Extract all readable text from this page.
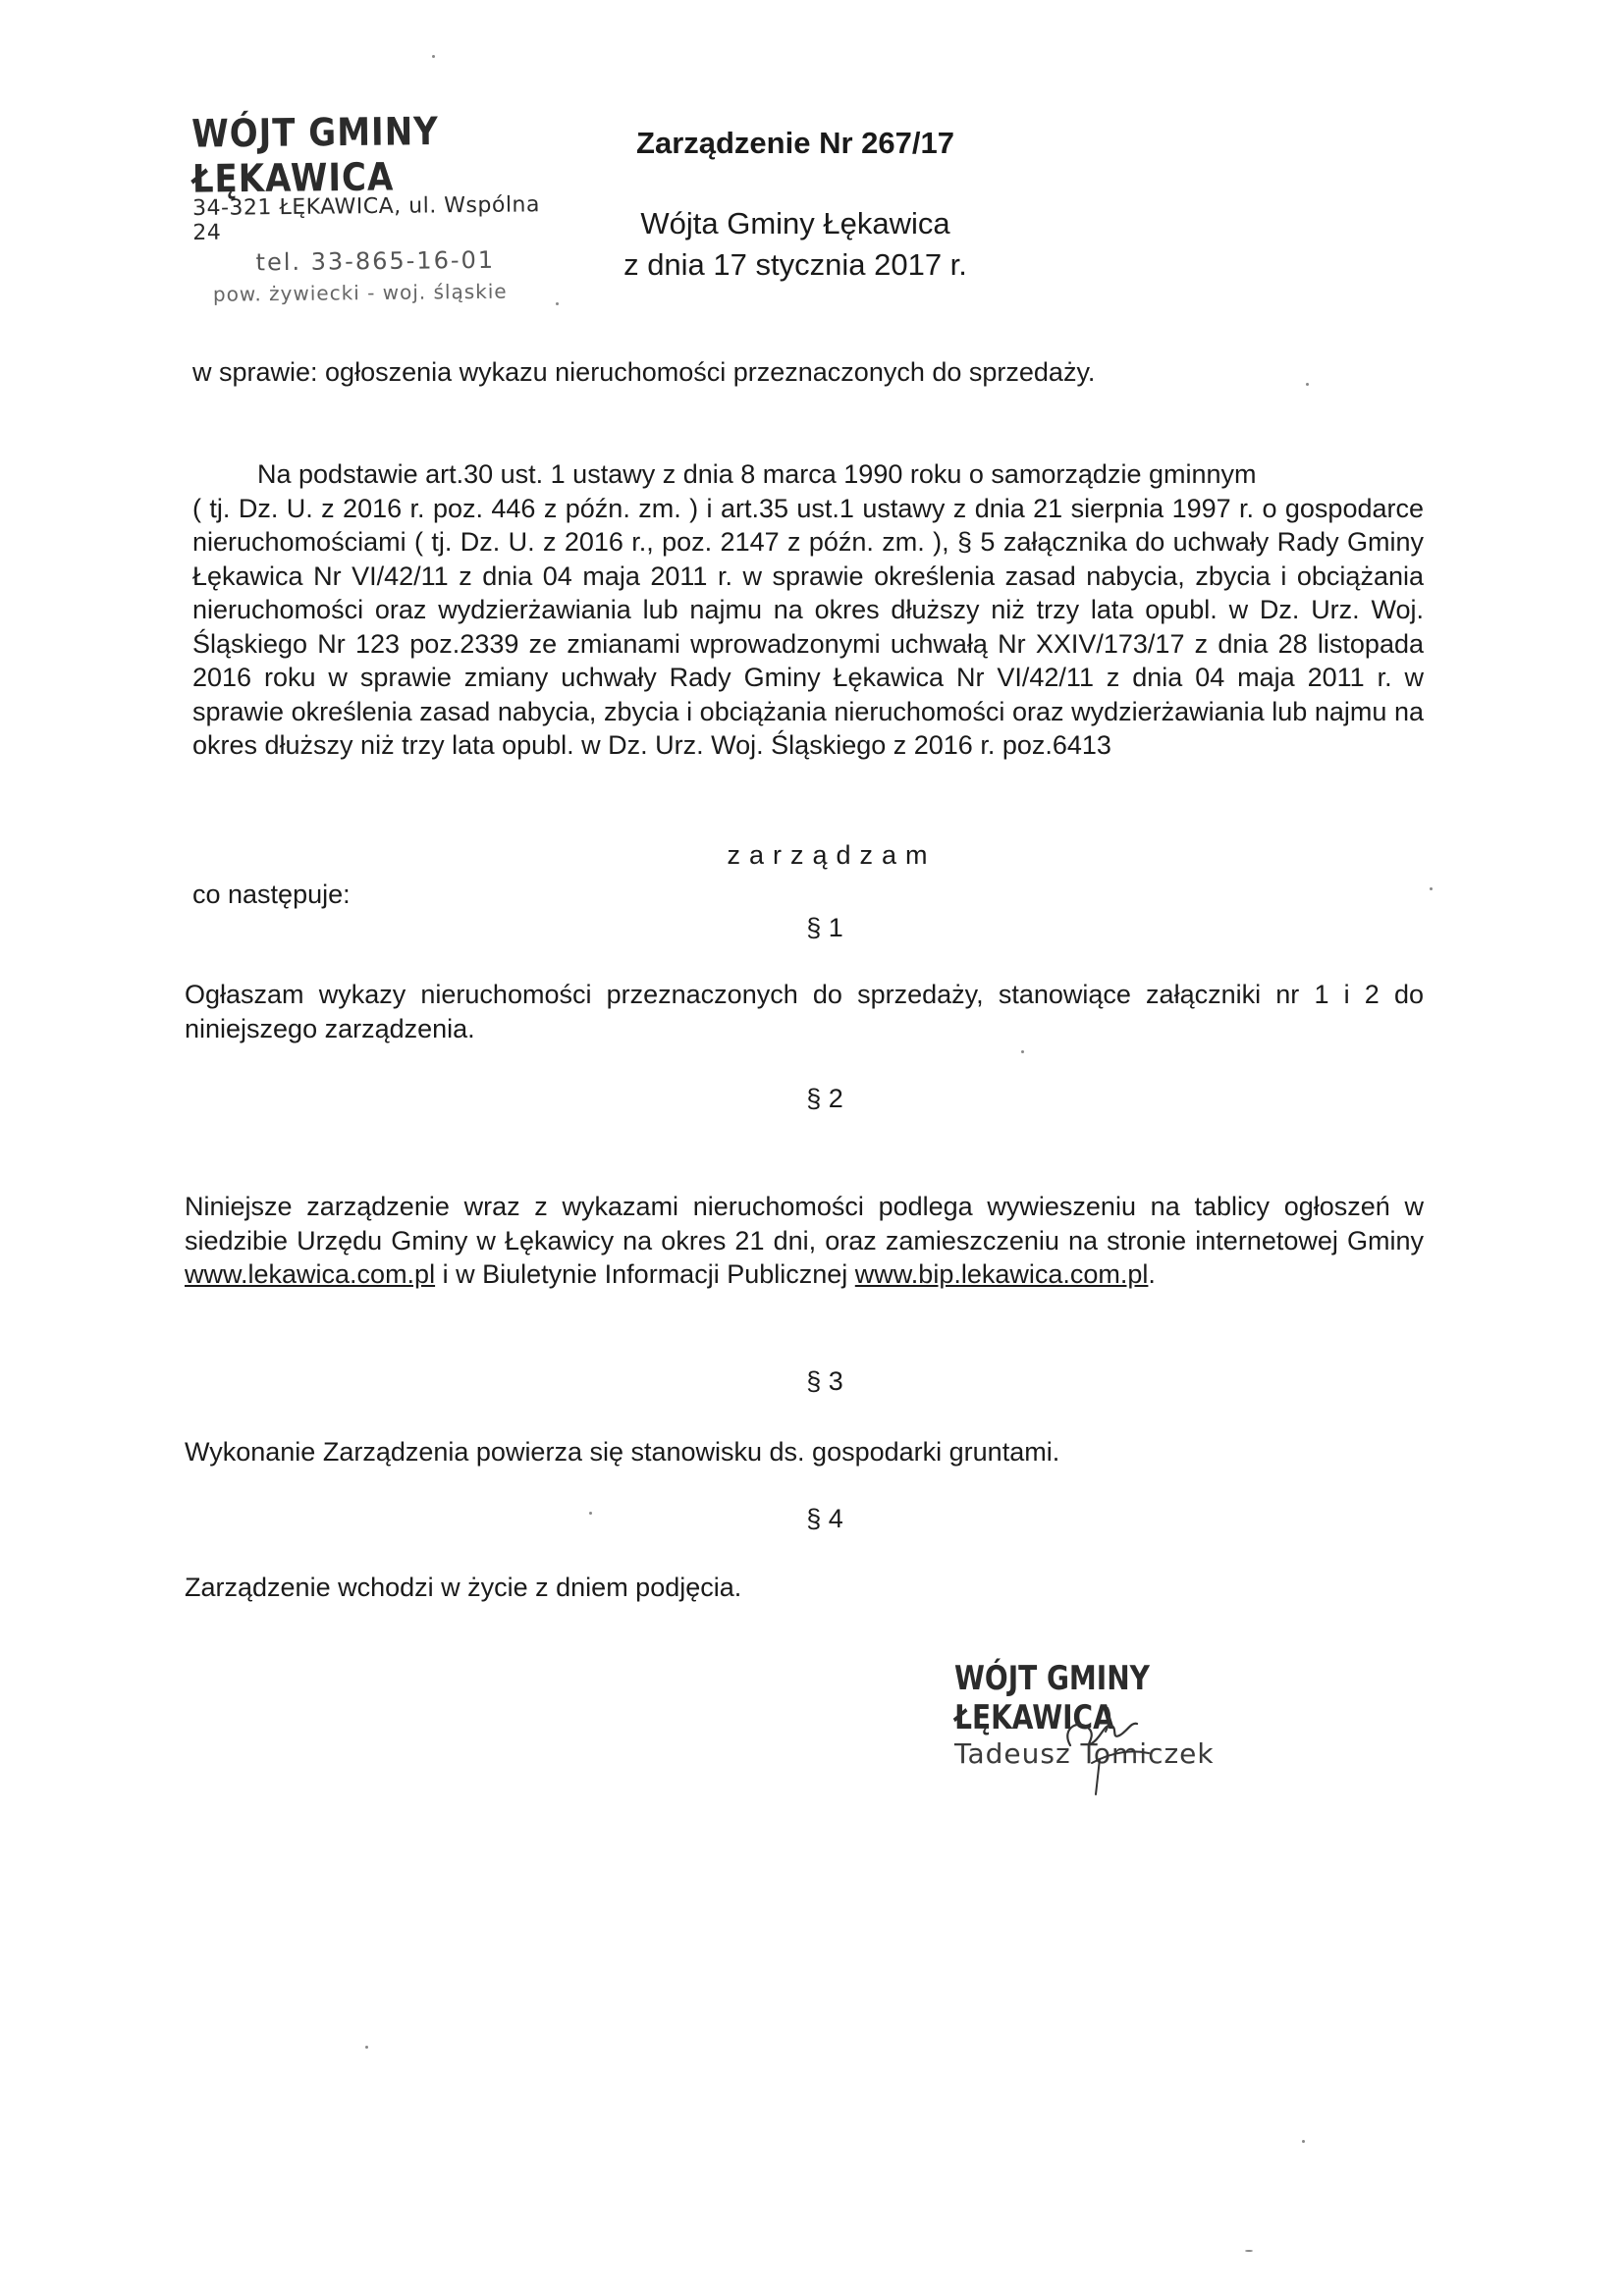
WÓJT GMINY ŁĘKAWICA
34-321 ŁĘKAWICA, ul. Wspólna 24
tel. 33-865-16-01
pow. żywiecki - woj. śląskie
Zarządzenie Nr 267/17
Wójta Gminy Łękawica
z dnia 17 stycznia 2017 r.
w sprawie: ogłoszenia wykazu nieruchomości przeznaczonych do sprzedaży.
Na podstawie art.30 ust. 1 ustawy z dnia 8 marca 1990 roku o samorządzie gminnym
( tj. Dz. U. z 2016 r. poz. 446 z późn. zm. ) i art.35 ust.1 ustawy z dnia 21 sierpnia 1997 r. o gospodarce nieruchomościami ( tj. Dz. U. z 2016 r., poz. 2147 z późn. zm. ), § 5 załącznika do uchwały Rady Gminy Łękawica Nr VI/42/11 z dnia 04 maja 2011 r. w sprawie określenia zasad nabycia, zbycia i obciążania nieruchomości oraz wydzierżawiania lub najmu na okres dłuższy niż trzy lata opubl. w Dz. Urz. Woj. Śląskiego Nr 123 poz.2339 ze zmianami wprowadzonymi uchwałą Nr XXIV/173/17 z dnia 28 listopada 2016 roku w sprawie zmiany uchwały Rady Gminy Łękawica Nr VI/42/11 z dnia 04 maja 2011 r. w sprawie określenia zasad nabycia, zbycia i obciążania nieruchomości oraz wydzierżawiania lub najmu na okres dłuższy niż trzy lata opubl. w Dz. Urz. Woj. Śląskiego z 2016 r. poz.6413
zarządzam
co następuje:
§ 1
Ogłaszam wykazy nieruchomości przeznaczonych do sprzedaży, stanowiące załączniki nr 1 i 2 do niniejszego zarządzenia.
§ 2
Niniejsze zarządzenie wraz z wykazami nieruchomości podlega wywieszeniu na tablicy ogłoszeń w siedzibie Urzędu Gminy w Łękawicy na okres 21 dni, oraz zamieszczeniu na stronie internetowej Gminy www.lekawica.com.pl i w Biuletynie Informacji Publicznej www.bip.lekawica.com.pl.
§ 3
Wykonanie Zarządzenia powierza się stanowisku ds. gospodarki gruntami.
§ 4
Zarządzenie wchodzi w życie z dniem podjęcia.
WÓJT GMINY ŁĘKAWICA
Tadeusz Tomiczek
